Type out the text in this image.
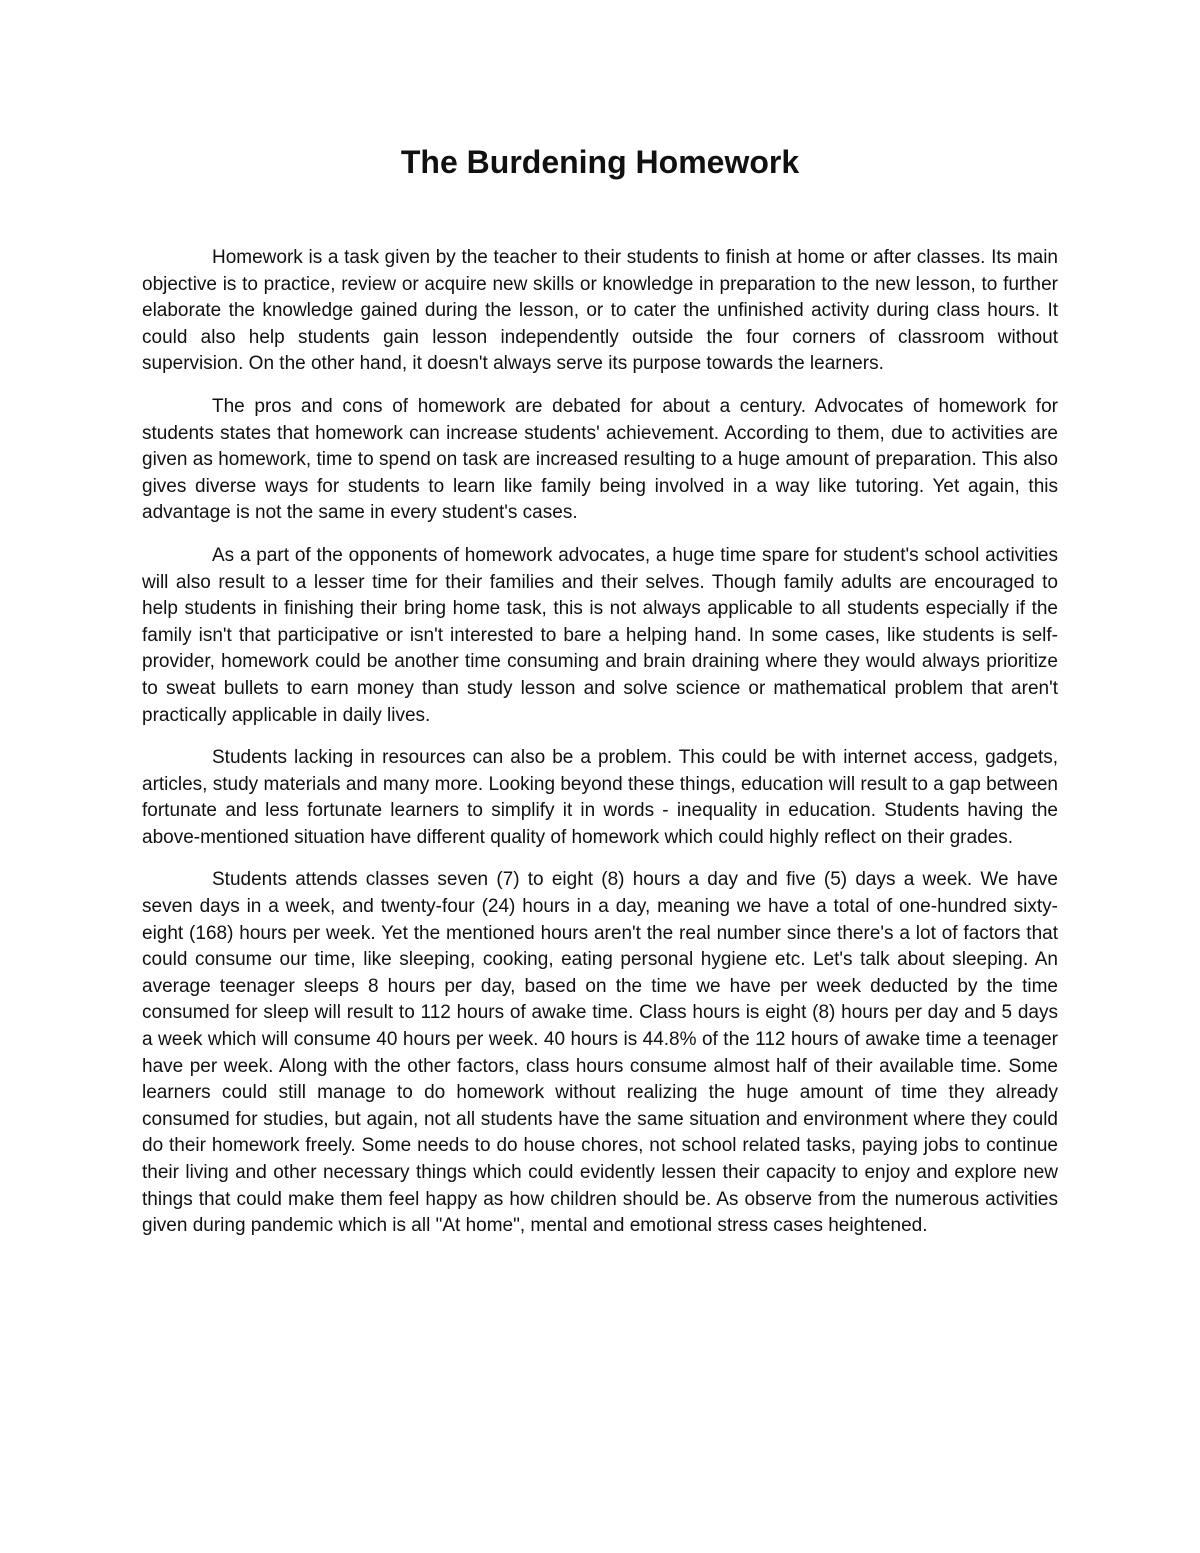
The Burdening Homework

Homework is a task given by the teacher to their students to finish at home or after classes. Its main objective is to practice, review or acquire new skills or knowledge in preparation to the new lesson, to further elaborate the knowledge gained during the lesson, or to cater the unfinished activity during class hours. It could also help students gain lesson independently outside the four corners of classroom without supervision. On the other hand, it doesn't always serve its purpose towards the learners.

The pros and cons of homework are debated for about a century. Advocates of homework for students states that homework can increase students' achievement. According to them, due to activities are given as homework, time to spend on task are increased resulting to a huge amount of preparation. This also gives diverse ways for students to learn like family being involved in a way like tutoring. Yet again, this advantage is not the same in every student's cases.

As a part of the opponents of homework advocates, a huge time spare for student's school activities will also result to a lesser time for their families and their selves. Though family adults are encouraged to help students in finishing their bring home task, this is not always applicable to all students especially if the family isn't that participative or isn't interested to bare a helping hand. In some cases, like students is self-provider, homework could be another time consuming and brain draining where they would always prioritize to sweat bullets to earn money than study lesson and solve science or mathematical problem that aren't practically applicable in daily lives.

Students lacking in resources can also be a problem. This could be with internet access, gadgets, articles, study materials and many more. Looking beyond these things, education will result to a gap between fortunate and less fortunate learners to simplify it in words - inequality in education. Students having the above-mentioned situation have different quality of homework which could highly reflect on their grades.

Students attends classes seven (7) to eight (8) hours a day and five (5) days a week. We have seven days in a week, and twenty-four (24) hours in a day, meaning we have a total of one-hundred sixty-eight (168) hours per week. Yet the mentioned hours aren't the real number since there's a lot of factors that could consume our time, like sleeping, cooking, eating personal hygiene etc. Let's talk about sleeping. An average teenager sleeps 8 hours per day, based on the time we have per week deducted by the time consumed for sleep will result to 112 hours of awake time. Class hours is eight (8) hours per day and 5 days a week which will consume 40 hours per week. 40 hours is 44.8% of the 112 hours of awake time a teenager have per week. Along with the other factors, class hours consume almost half of their available time. Some learners could still manage to do homework without realizing the huge amount of time they already consumed for studies, but again, not all students have the same situation and environment where they could do their homework freely. Some needs to do house chores, not school related tasks, paying jobs to continue their living and other necessary things which could evidently lessen their capacity to enjoy and explore new things that could make them feel happy as how children should be. As observe from the numerous activities given during pandemic which is all "At home", mental and emotional stress cases heightened.
